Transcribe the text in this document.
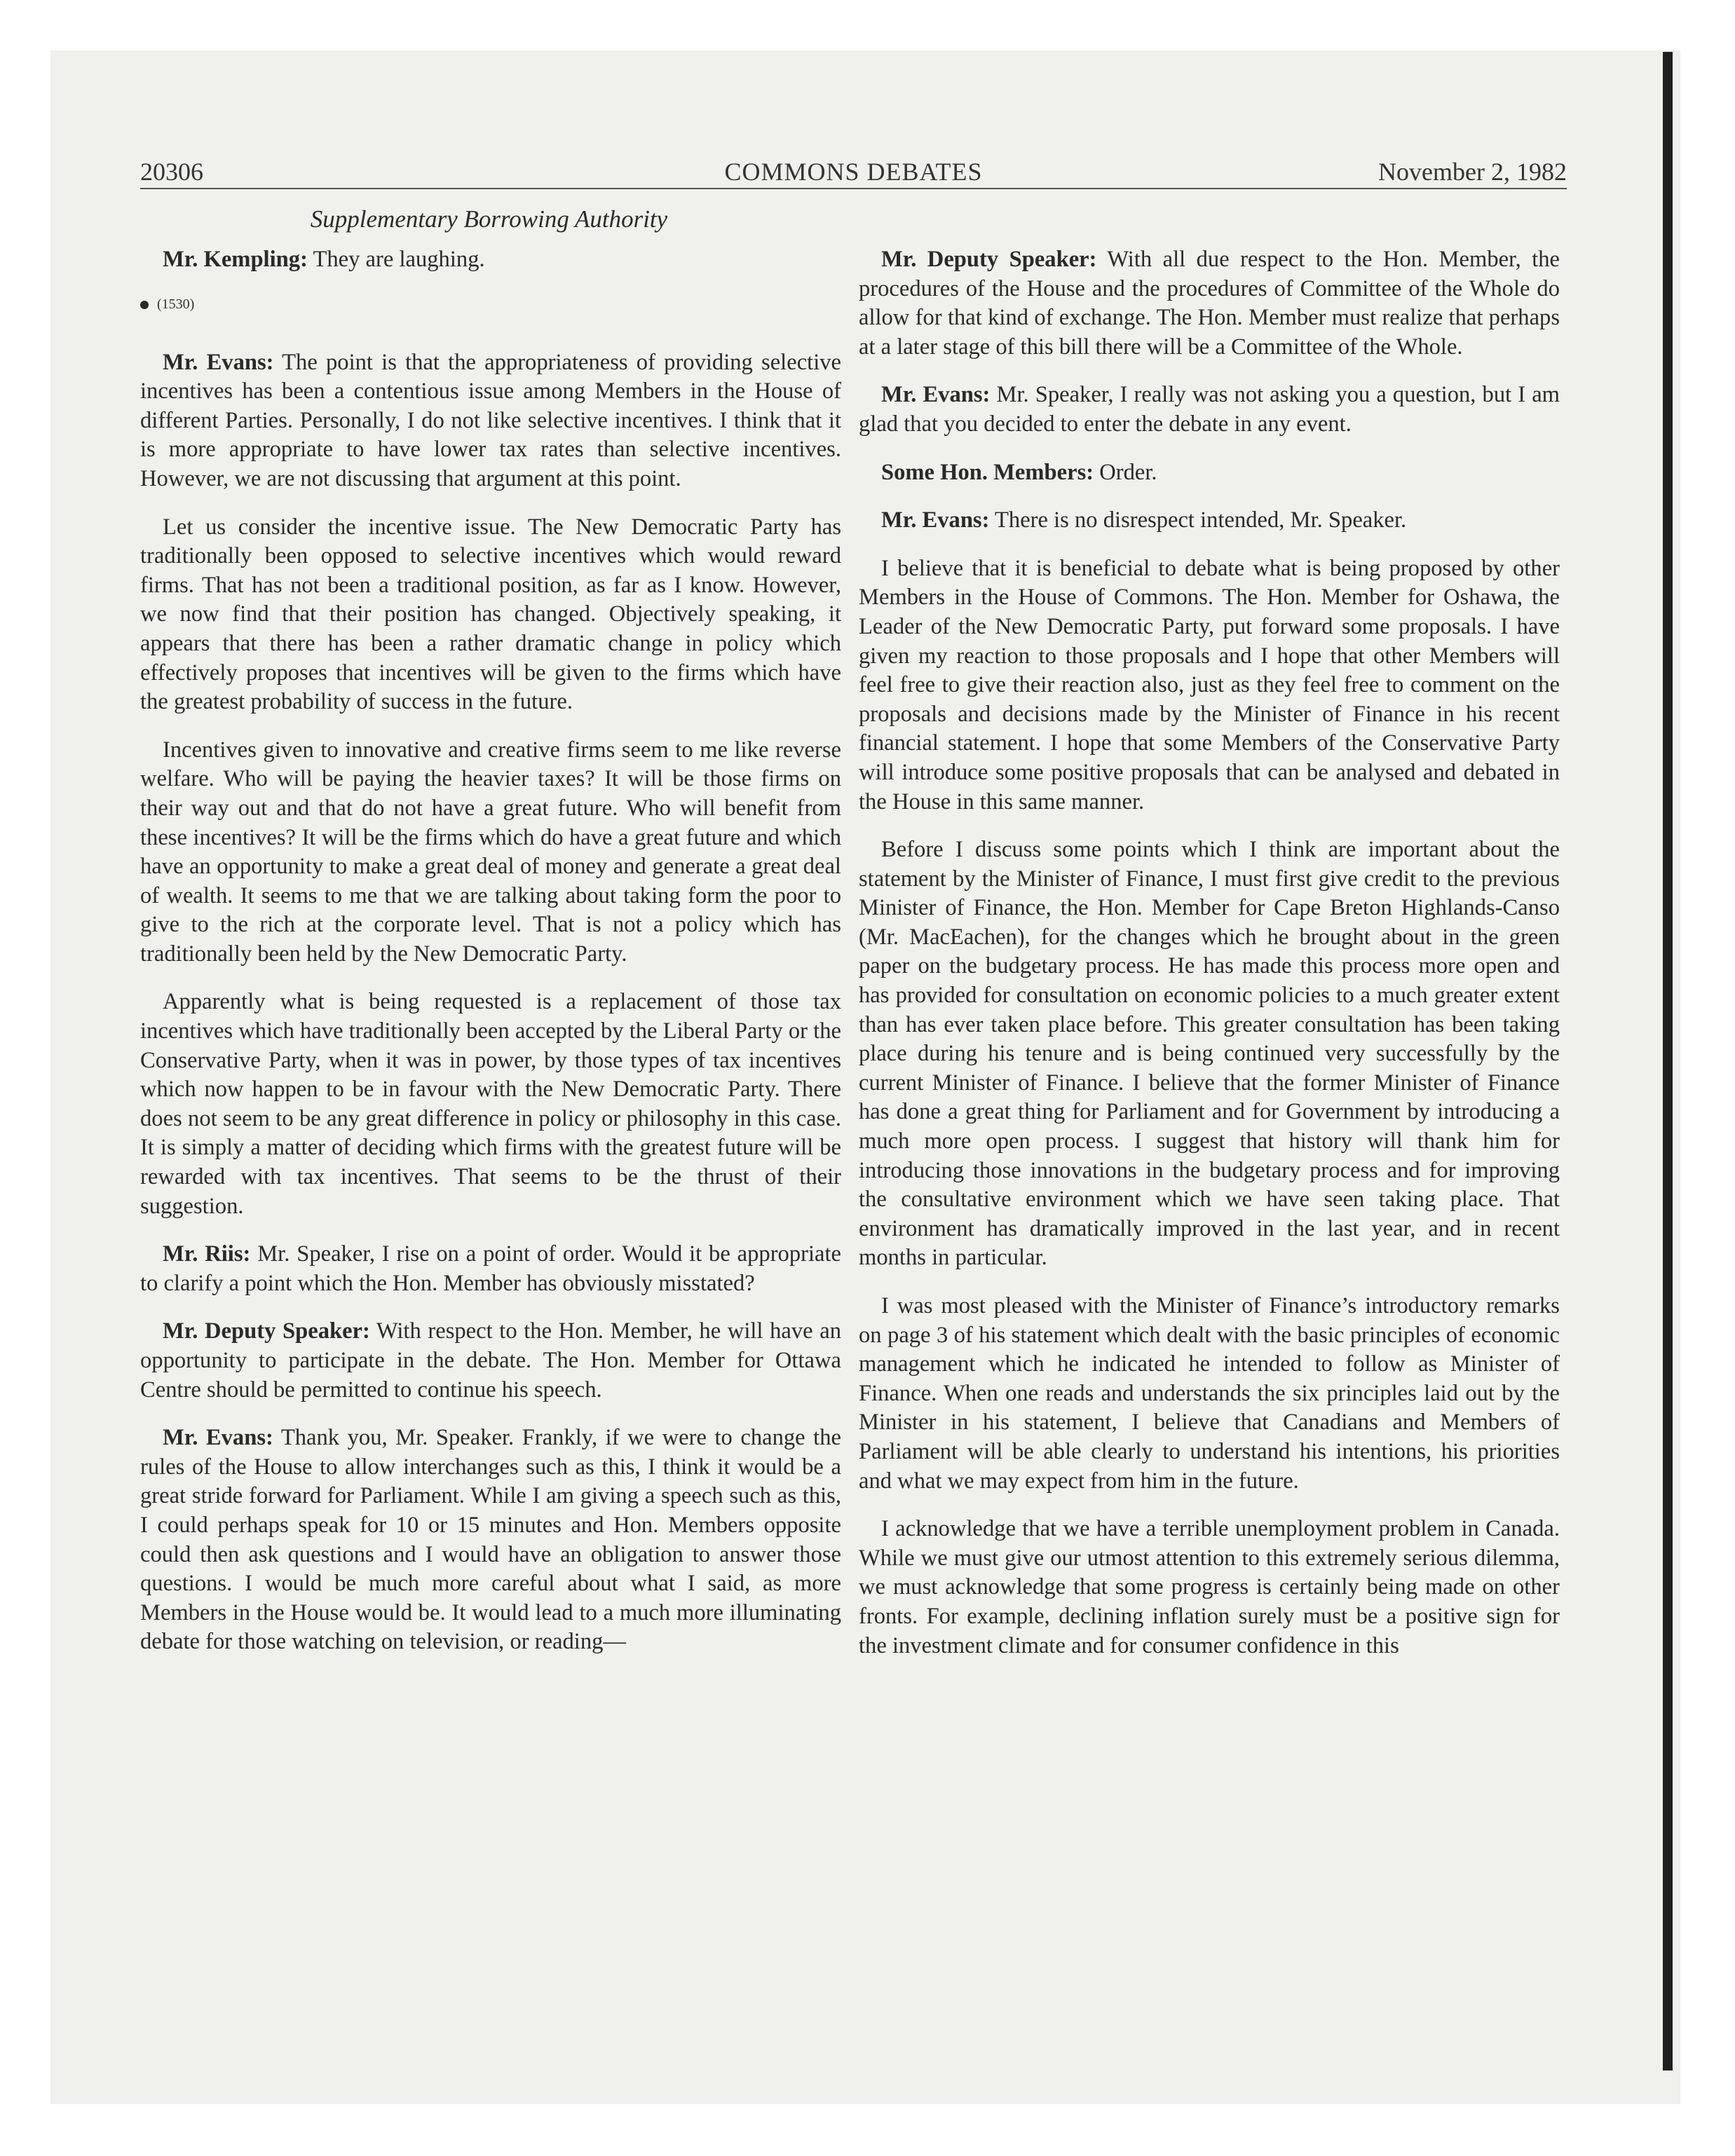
20306	COMMONS DEBATES	November 2, 1982
Supplementary Borrowing Authority

Mr. Kempling: They are laughing.

(1530)

Mr. Evans: The point is that the appropriateness of providing selective incentives has been a contentious issue among Members in the House of different Parties. Personally, I do not like selective incentives. I think that it is more appropriate to have lower tax rates than selective incentives. However, we are not discussing that argument at this point.

Let us consider the incentive issue. The New Democratic Party has traditionally been opposed to selective incentives which would reward firms. That has not been a traditional position, as far as I know. However, we now find that their position has changed. Objectively speaking, it appears that there has been a rather dramatic change in policy which effectively proposes that incentives will be given to the firms which have the greatest probability of success in the future.

Incentives given to innovative and creative firms seem to me like reverse welfare. Who will be paying the heavier taxes? It will be those firms on their way out and that do not have a great future. Who will benefit from these incentives? It will be the firms which do have a great future and which have an opportunity to make a great deal of money and generate a great deal of wealth. It seems to me that we are talking about taking form the poor to give to the rich at the corporate level. That is not a policy which has traditionally been held by the New Democratic Party.

Apparently what is being requested is a replacement of those tax incentives which have traditionally been accepted by the Liberal Party or the Conservative Party, when it was in power, by those types of tax incentives which now happen to be in favour with the New Democratic Party. There does not seem to be any great difference in policy or philosophy in this case. It is simply a matter of deciding which firms with the greatest future will be rewarded with tax incentives. That seems to be the thrust of their suggestion.

Mr. Riis: Mr. Speaker, I rise on a point of order. Would it be appropriate to clarify a point which the Hon. Member has obviously misstated?

Mr. Deputy Speaker: With respect to the Hon. Member, he will have an opportunity to participate in the debate. The Hon. Member for Ottawa Centre should be permitted to continue his speech.

Mr. Evans: Thank you, Mr. Speaker. Frankly, if we were to change the rules of the House to allow interchanges such as this, I think it would be a great stride forward for Parliament. While I am giving a speech such as this, I could perhaps speak for 10 or 15 minutes and Hon. Members opposite could then ask questions and I would have an obligation to answer those questions. I would be much more careful about what I said, as more Members in the House would be. It would lead to a much more illuminating debate for those watching on television, or reading—

Mr. Deputy Speaker: With all due respect to the Hon. Member, the procedures of the House and the procedures of Committee of the Whole do allow for that kind of exchange. The Hon. Member must realize that perhaps at a later stage of this bill there will be a Committee of the Whole.

Mr. Evans: Mr. Speaker, I really was not asking you a question, but I am glad that you decided to enter the debate in any event.

Some Hon. Members: Order.

Mr. Evans: There is no disrespect intended, Mr. Speaker.

I believe that it is beneficial to debate what is being proposed by other Members in the House of Commons. The Hon. Member for Oshawa, the Leader of the New Democratic Party, put forward some proposals. I have given my reaction to those proposals and I hope that other Members will feel free to give their reaction also, just as they feel free to comment on the proposals and decisions made by the Minister of Finance in his recent financial statement. I hope that some Members of the Conservative Party will introduce some positive proposals that can be analysed and debated in the House in this same manner.

Before I discuss some points which I think are important about the statement by the Minister of Finance, I must first give credit to the previous Minister of Finance, the Hon. Member for Cape Breton Highlands-Canso (Mr. MacEachen), for the changes which he brought about in the green paper on the budgetary process. He has made this process more open and has provided for consultation on economic policies to a much greater extent than has ever taken place before. This greater consultation has been taking place during his tenure and is being continued very successfully by the current Minister of Finance. I believe that the former Minister of Finance has done a great thing for Parliament and for Government by introducing a much more open process. I suggest that history will thank him for introducing those innovations in the budgetary process and for improving the consultative environment which we have seen taking place. That environment has dramatically improved in the last year, and in recent months in particular.

I was most pleased with the Minister of Finance’s introductory remarks on page 3 of his statement which dealt with the basic principles of economic management which he indicated he intended to follow as Minister of Finance. When one reads and understands the six principles laid out by the Minister in his statement, I believe that Canadians and Members of Parliament will be able clearly to understand his intentions, his priorities and what we may expect from him in the future.

I acknowledge that we have a terrible unemployment problem in Canada. While we must give our utmost attention to this extremely serious dilemma, we must acknowledge that some progress is certainly being made on other fronts. For example, declining inflation surely must be a positive sign for the investment climate and for consumer confidence in this
